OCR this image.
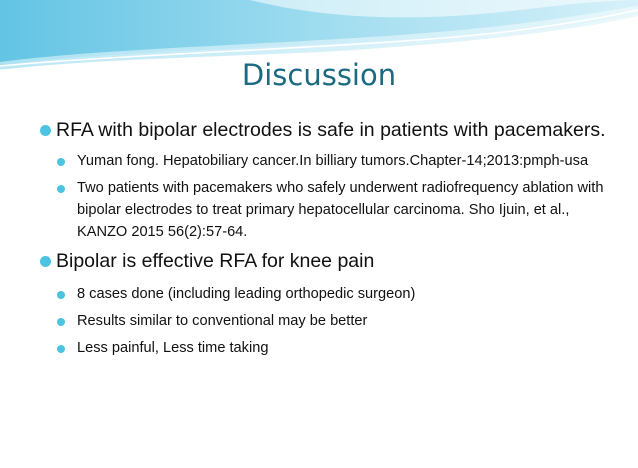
Discussion
RFA with bipolar electrodes is safe in patients with pacemakers.
Yuman fong. Hepatobiliary cancer.In billiary tumors.Chapter-14;2013:pmph-usa
Two patients with pacemakers who safely underwent radiofrequency ablation with bipolar electrodes to treat primary hepatocellular carcinoma. Sho Ijuin, et al., KANZO 2015 56(2):57-64.
Bipolar is effective RFA for knee pain
8 cases done (including leading orthopedic surgeon)
Results similar to conventional may be better
Less painful, Less time taking
